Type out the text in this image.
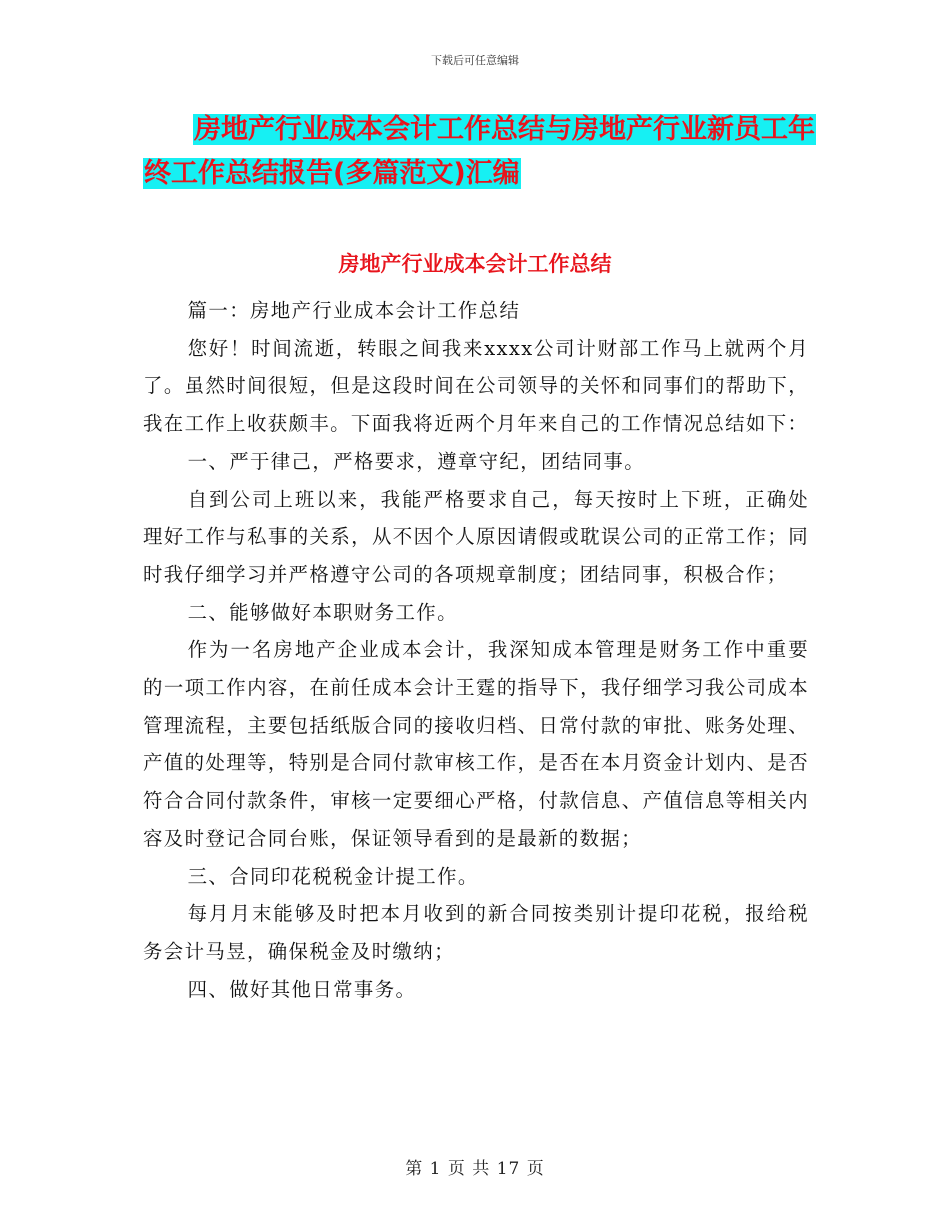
下载后可任意编辑
房地产行业成本会计工作总结与房地产行业新员工年
终工作总结报告(多篇范文)汇编
房地产行业成本会计工作总结

篇一：房地产行业成本会计工作总结

您好！时间流逝，转眼之间我来xxxx公司计财部工作马上就两个月了。虽然时间很短，但是这段时间在公司领导的关怀和同事们的帮助下，我在工作上收获颇丰。下面我将近两个月年来自己的工作情况总结如下：

一、严于律己，严格要求，遵章守纪，团结同事。

自到公司上班以来，我能严格要求自己，每天按时上下班，正确处理好工作与私事的关系，从不因个人原因请假或耽误公司的正常工作；同时我仔细学习并严格遵守公司的各项规章制度；团结同事，积极合作；

二、能够做好本职财务工作。

作为一名房地产企业成本会计，我深知成本管理是财务工作中重要的一项工作内容，在前任成本会计王霆的指导下，我仔细学习我公司成本管理流程，主要包括纸版合同的接收归档、日常付款的审批、账务处理、产值的处理等，特别是合同付款审核工作，是否在本月资金计划内、是否符合合同付款条件，审核一定要细心严格，付款信息、产值信息等相关内容及时登记合同台账，保证领导看到的是最新的数据；

三、合同印花税税金计提工作。

每月月末能够及时把本月收到的新合同按类别计提印花税，报给税务会计马昱，确保税金及时缴纳；

四、做好其他日常事务。

第 1 页 共 17 页
